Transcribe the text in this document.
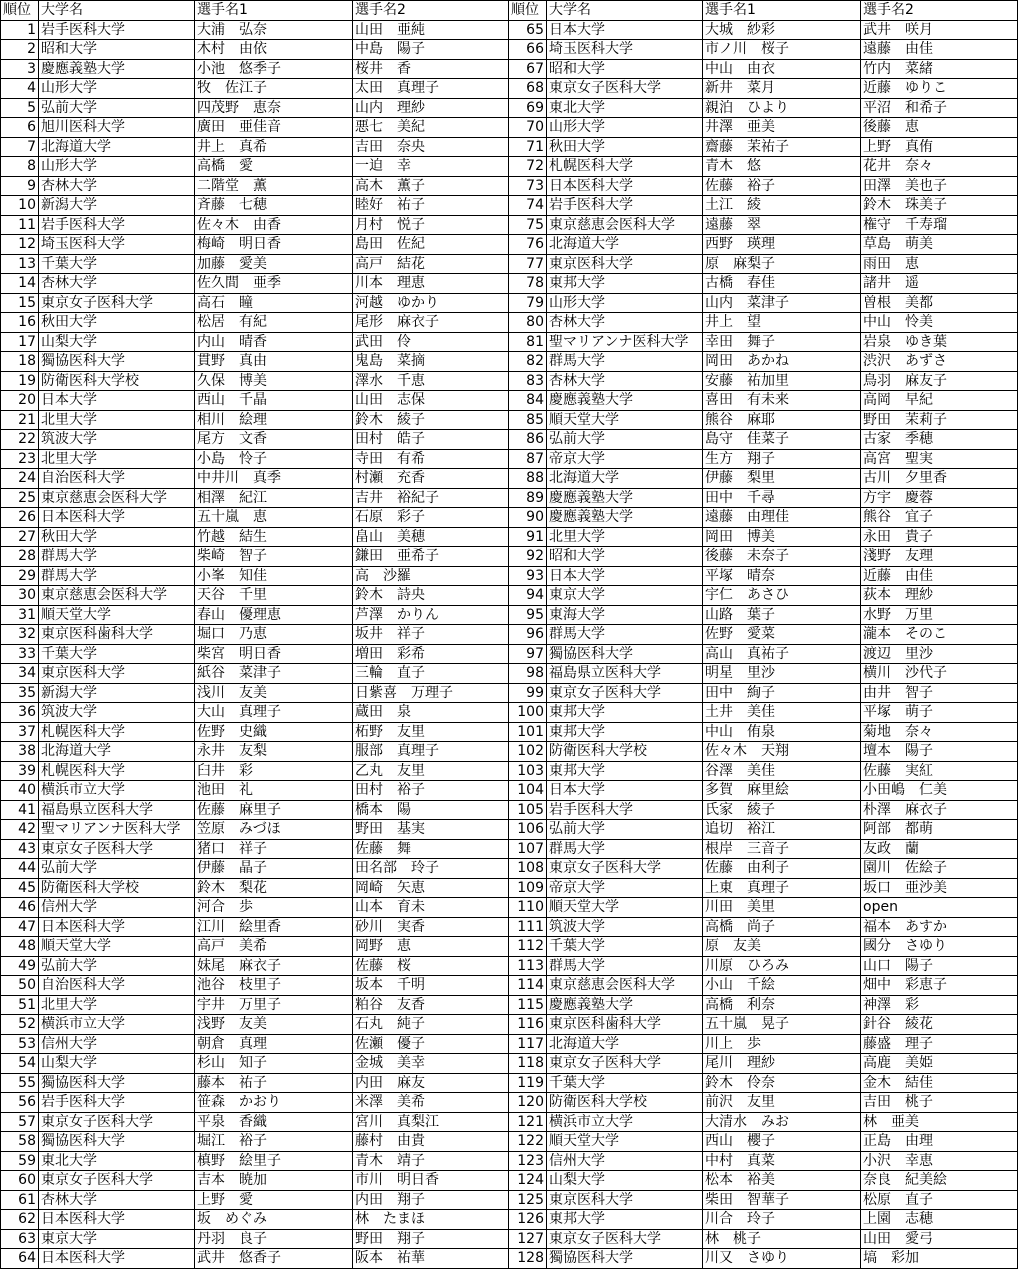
順位	大学名	選手名1	選手名2	順位	大学名	選手名1	選手名2
1	岩手医科大学	大浦　弘奈	山田　亜純	65	日本大学	大城　紗彩	武井　咲月
2	昭和大学	木村　由依	中島　陽子	66	埼玉医科大学	市ノ川　桜子	遠藤　由佳
3	慶應義塾大学	小池　悠季子	桜井　香	67	昭和大学	中山　由衣	竹内　菜緒
4	山形大学	牧　佐江子	太田　真理子	68	東京女子医科大学	新井　菜月	近藤　ゆりこ
5	弘前大学	四茂野　恵奈	山内　理紗	69	東北大学	親泊　ひより	平沼　和希子
6	旭川医科大学	廣田　亜佳音	悪七　美紀	70	山形大学	井澤　亜美	後藤　恵
7	北海道大学	井上　真希	吉田　奈央	71	秋田大学	齋藤　茉祐子	上野　真侑
8	山形大学	高橋　愛	一迫　幸	72	札幌医科大学	青木　悠	花井　奈々
9	杏林大学	二階堂　薫	高木　薫子	73	日本医科大学	佐藤　裕子	田澤　美也子
10	新潟大学	斉藤　七穂	睦好　祐子	74	岩手医科大学	土江　綾	鈴木　珠美子
11	岩手医科大学	佐々木　由香	月村　悦子	75	東京慈恵会医科大学	遠藤　翠	権守　千寿瑠
12	埼玉医科大学	梅崎　明日香	島田　佐紀	76	北海道大学	西野　瑛理	草島　萌美
13	千葉大学	加藤　愛美	高戸　結花	77	東京医科大学	原　麻梨子	雨田　恵
14	杏林大学	佐久間　亜季	川本　理恵	78	東邦大学	古橋　春佳	諸井　遥
15	東京女子医科大学	高石　瞳	河越　ゆかり	79	山形大学	山内　菜津子	曽根　美都
16	秋田大学	松居　有紀	尾形　麻衣子	80	杏林大学	井上　望	中山　怜美
17	山梨大学	内山　晴香	武田　伶	81	聖マリアンナ医科大学	幸田　舞子	岩泉　ゆき葉
18	獨協医科大学	貫野　真由	鬼島　菜摘	82	群馬大学	岡田　あかね	渋沢　あずさ
19	防衛医科大学校	久保　博美	澤水　千恵	83	杏林大学	安藤　祐加里	鳥羽　麻友子
20	日本大学	西山　千晶	山田　志保	84	慶應義塾大学	喜田　有未来	高岡　早紀
21	北里大学	相川　絵理	鈴木　綾子	85	順天堂大学	熊谷　麻耶	野田　茉莉子
22	筑波大学	尾方　文香	田村　皓子	86	弘前大学	島守　佳菜子	古家　季穂
23	北里大学	小島　怜子	寺田　有希	87	帝京大学	生方　翔子	高宮　聖実
24	自治医科大学	中井川　真季	村瀬　充香	88	北海道大学	伊藤　梨里	古川　夕里香
25	東京慈恵会医科大学	相澤　紀江	吉井　裕紀子	89	慶應義塾大学	田中　千尋	方宇　慶蓉
26	日本医科大学	五十嵐　恵	石原　彩子	90	慶應義塾大学	遠藤　由理佳	熊谷　宜子
27	秋田大学	竹越　結生	畠山　美穂	91	北里大学	岡田　博美	永田　貴子
28	群馬大学	柴崎　智子	鎌田　亜希子	92	昭和大学	後藤　未奈子	淺野　友理
29	群馬大学	小峯　知佳	高　沙羅	93	日本大学	平塚　晴奈	近藤　由佳
30	東京慈恵会医科大学	天谷　千里	鈴木　詩央	94	東京大学	宇仁　あさひ	荻本　理紗
31	順天堂大学	春山　優理恵	芦澤　かりん	95	東海大学	山路　葉子	水野　万里
32	東京医科歯科大学	堀口　乃恵	坂井　祥子	96	群馬大学	佐野　愛菜	瀧本　そのこ
33	千葉大学	柴宮　明日香	増田　彩希	97	獨協医科大学	高山　真祐子	渡辺　里沙
34	東京医科大学	紙谷　菜津子	三輪　直子	98	福島県立医科大学	明星　里沙	横川　沙代子
35	新潟大学	浅川　友美	日紫喜　万理子	99	東京女子医科大学	田中　絢子	由井　智子
36	筑波大学	大山　真理子	蔵田　泉	100	東邦大学	土井　美佳	平塚　萌子
37	札幌医科大学	佐野　史織	柘野　友里	101	東邦大学	中山　侑泉	菊地　奈々
38	北海道大学	永井　友梨	服部　真理子	102	防衛医科大学校	佐々木　天翔	壇本　陽子
39	札幌医科大学	臼井　彩	乙丸　友里	103	東邦大学	谷澤　美佳	佐藤　実紅
40	横浜市立大学	池田　礼	田村　裕子	104	日本大学	多賀　麻里絵	小田嶋　仁美
41	福島県立医科大学	佐藤　麻里子	橋本　陽	105	岩手医科大学	氏家　綾子	朴澤　麻衣子
42	聖マリアンナ医科大学	笠原　みづほ	野田　基実	106	弘前大学	追切　裕江	阿部　都萌
43	東京女子医科大学	猪口　祥子	佐藤　舞	107	群馬大学	根岸　三音子	友政　蘭
44	弘前大学	伊藤　晶子	田名部　玲子	108	東京女子医科大学	佐藤　由利子	園川　佐絵子
45	防衛医科大学校	鈴木　梨花	岡崎　矢恵	109	帝京大学	上東　真理子	坂口　亜沙美
46	信州大学	河合　歩	山本　育未	110	順天堂大学	川田　美里	open
47	日本医科大学	江川　絵里香	砂川　実香	111	筑波大学	高橋　尚子	福本　あすか
48	順天堂大学	高戸　美希	岡野　恵	112	千葉大学	原　友美	國分　さゆり
49	弘前大学	妹尾　麻衣子	佐藤　桜	113	群馬大学	川原　ひろみ	山口　陽子
50	自治医科大学	池谷　枝里子	坂本　千明	114	東京慈恵会医科大学	小山　千絵	畑中　彩恵子
51	北里大学	宇井　万里子	粕谷　友香	115	慶應義塾大学	高橋　利奈	神澤　彩
52	横浜市立大学	浅野　友美	石丸　純子	116	東京医科歯科大学	五十嵐　晃子	針谷　綾花
53	信州大学	朝倉　真理	佐瀬　優子	117	北海道大学	川上　歩	藤盛　理子
54	山梨大学	杉山　知子	金城　美幸	118	東京女子医科大学	尾川　理紗	高鹿　美姫
55	獨協医科大学	藤本　祐子	内田　麻友	119	千葉大学	鈴木　伶奈	金木　結佳
56	岩手医科大学	笹森　かおり	米澤　美希	120	防衛医科大学校	前沢　友里	吉田　桃子
57	東京女子医科大学	平泉　香織	宮川　真梨江	121	横浜市立大学	大清水　みお	林　亜美
58	獨協医科大学	堀江　裕子	藤村　由貴	122	順天堂大学	西山　櫻子	正島　由理
59	東北大学	槙野　絵里子	青木　靖子	123	信州大学	中村　真菜	小沢　幸恵
60	東京女子医科大学	吉本　暁加	市川　明日香	124	山梨大学	松本　裕美	奈良　紀美絵
61	杏林大学	上野　愛	内田　翔子	125	東京医科大学	柴田　智華子	松原　直子
62	日本医科大学	坂　めぐみ	林　たまほ	126	東邦大学	川合　玲子	上園　志穂
63	東京大学	丹羽　良子	野田　翔子	127	東京女子医科大学	林　桃子	山田　愛弓
64	日本医科大学	武井　悠香子	阪本　祐華	128	獨協医科大学	川又　さゆり	塙　彩加
